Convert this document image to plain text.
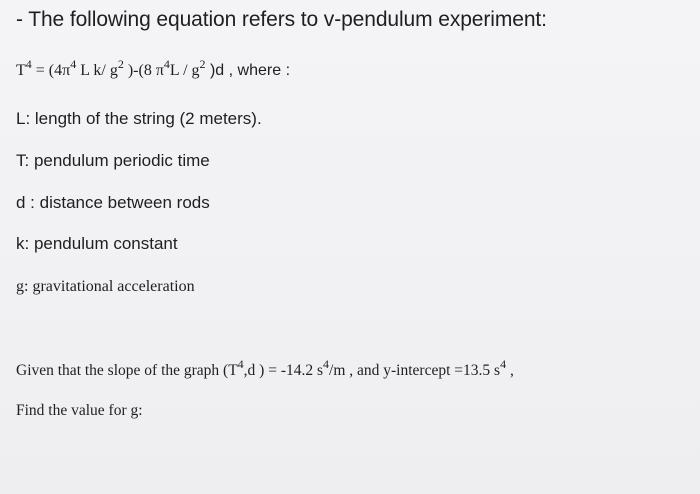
- The following equation refers to v-pendulum experiment:
$T^4 = (4\pi^4$ L k/ $g^2$ )-(8 $\pi^4L / g^2$ )d , where :
L: length of the string (2 meters).
T: pendulum periodic time
d : distance between rods
k: pendulum constant
g: gravitational acceleration
Given that the slope of the graph ($T^4,d$ ) = -14.2 $s^4/m$ , and y-intercept =13.5 $s^4$ ,
Find the value for g:
